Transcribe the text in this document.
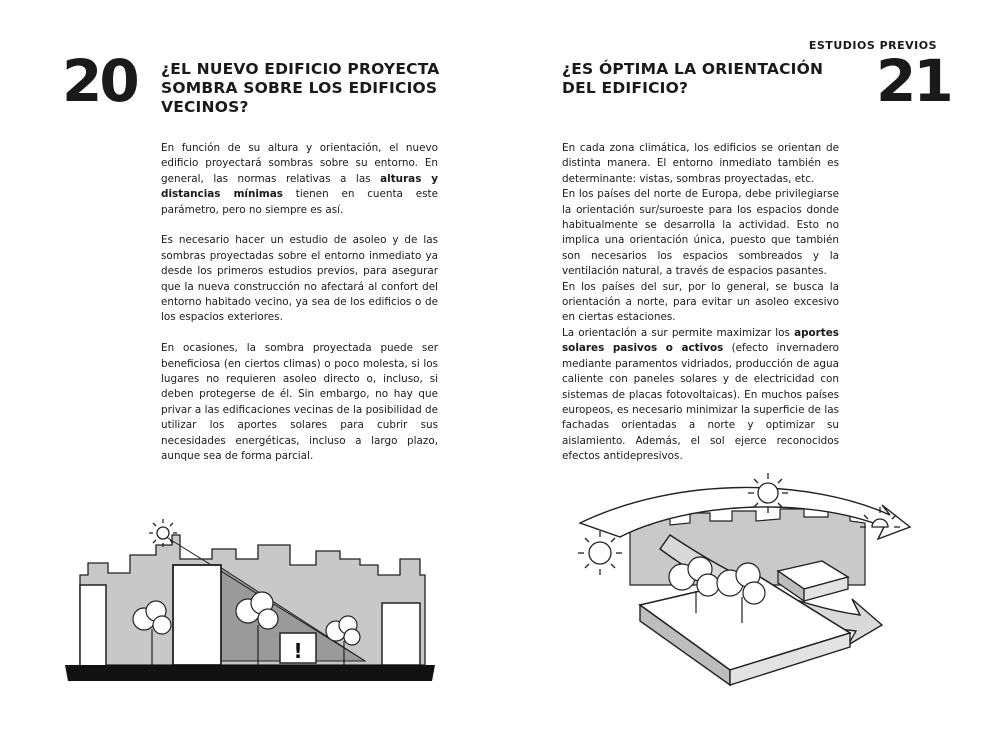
20 ¿EL NUEVO EDIFICIO PROYECTA SOMBRA SOBRE LOS EDIFICIOS VECINOS?

En función de su altura y orientación, el nuevo edificio proyectará sombras sobre su entorno. En general, las normas relativas a las alturas y distancias mínimas tienen en cuenta este parámetro, pero no siempre es así.

Es necesario hacer un estudio de asoleo y de las sombras proyectadas sobre el entorno inmediato ya desde los primeros estudios previos, para asegurar que la nueva construcción no afectará al confort del entorno habitado vecino, ya sea de los edificios o de los espacios exteriores.

En ocasiones, la sombra proyectada puede ser beneficiosa (en ciertos climas) o poco molesta, si los lugares no requieren asoleo directo o, incluso, si deben protegerse de él. Sin embargo, no hay que privar a las edificaciones vecinas de la posibilidad de utilizar los aportes solares para cubrir sus necesidades energéticas, incluso a largo plazo, aunque sea de forma parcial.

!
ESTUDIOS PREVIOS
21
¿ES ÓPTIMA LA ORIENTACIÓN DEL EDIFICIO?

En cada zona climática, los edificios se orientan de distinta manera. El entorno inmediato también es determinante: vistas, sombras proyectadas, etc.

En los países del norte de Europa, debe privilegiarse la orientación sur/suroeste para los espacios donde habitualmente se desarrolla la actividad. Esto no implica una orientación única, puesto que también son necesarios los espacios sombreados y la ventilación natural, a través de espacios pasantes.

En los países del sur, por lo general, se busca la orientación a norte, para evitar un asoleo excesivo en ciertas estaciones.

La orientación a sur permite maximizar los aportes solares pasivos o activos (efecto invernadero mediante paramentos vidriados, producción de agua caliente con paneles solares y de electricidad con sistemas de placas fotovoltaicas). En muchos países europeos, es necesario minimizar la superficie de las fachadas orientadas a norte y optimizar su aislamiento. Además, el sol ejerce reconocidos efectos antidepresivos.
